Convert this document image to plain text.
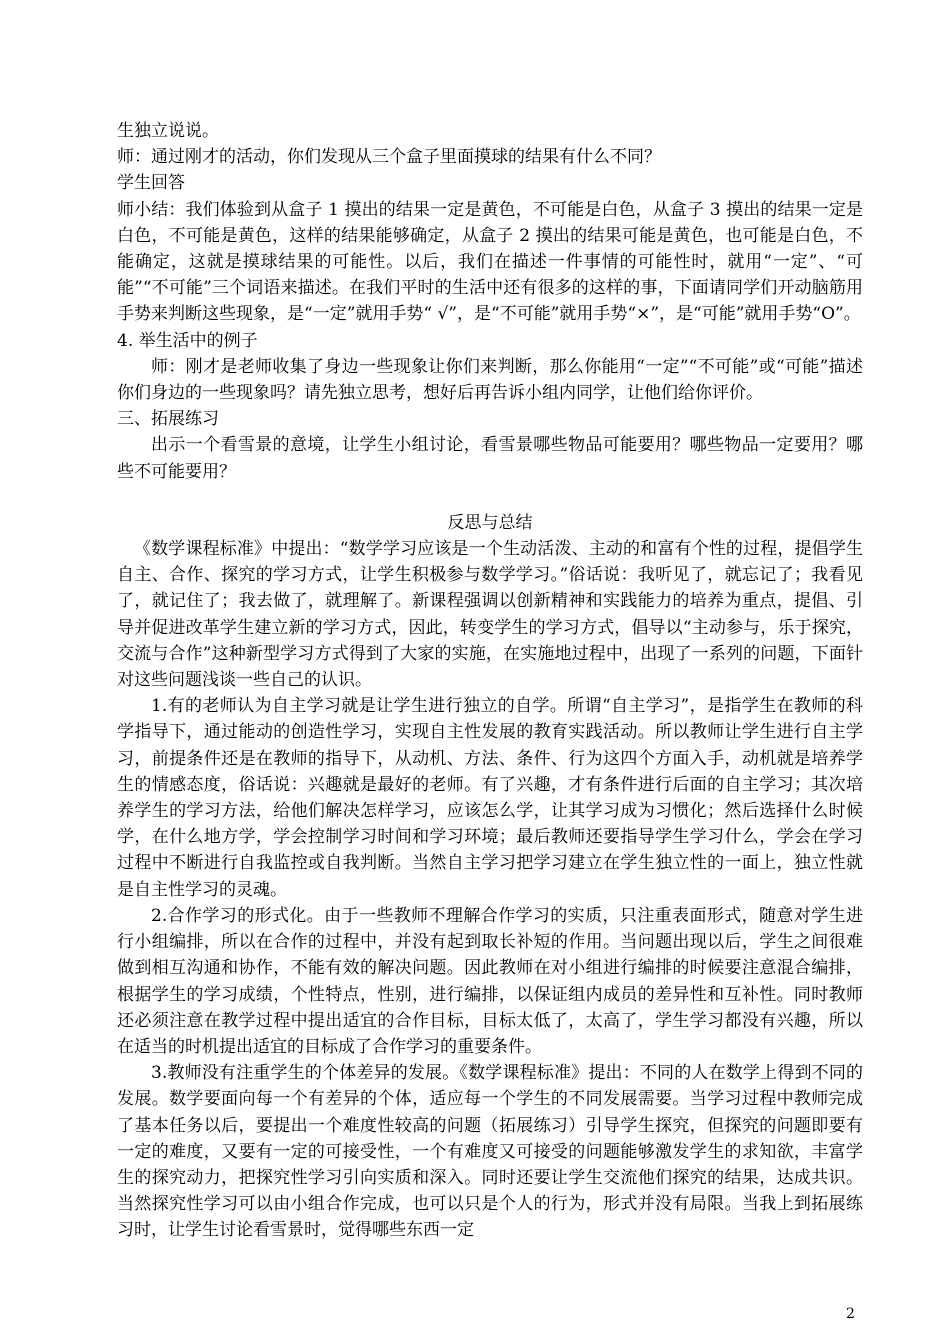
生独立说说。

师：通过刚才的活动，你们发现从三个盒子里面摸球的结果有什么不同？

学生回答

师小结：我们体验到从盒子 1 摸出的结果一定是黄色，不可能是白色，从盒子 3 摸出的结果一定是白色，不可能是黄色，这样的结果能够确定，从盒子 2 摸出的结果可能是黄色，也可能是白色，不能确定，这就是摸球结果的可能性。以后，我们在描述一件事情的可能性时，就用“一定”、“可能”“不可能”三个词语来描述。在我们平时的生活中还有很多的这样的事，下面请同学们开动脑筋用手势来判断这些现象，是“一定”就用手势“ √”，是“不可能”就用手势“×”，是“可能”就用手势“O”。

4. 举生活中的例子

师：刚才是老师收集了身边一些现象让你们来判断，那么你能用“一定”“不可能”或“可能”描述你们身边的一些现象吗？请先独立思考，想好后再告诉小组内同学，让他们给你评价。

三、拓展练习

出示一个看雪景的意境，让学生小组讨论，看雪景哪些物品可能要用？哪些物品一定要用？哪些不可能要用？

反思与总结

《数学课程标准》中提出：“数学学习应该是一个生动活泼、主动的和富有个性的过程，提倡学生自主、合作、探究的学习方式，让学生积极参与数学学习。”俗话说：我听见了，就忘记了；我看见了，就记住了；我去做了，就理解了。新课程强调以创新精神和实践能力的培养为重点，提倡、引导并促进改革学生建立新的学习方式，因此，转变学生的学习方式，倡导以“主动参与，乐于探究，交流与合作”这种新型学习方式得到了大家的实施，在实施地过程中，出现了一系列的问题，下面针对这些问题浅谈一些自己的认识。

1.有的老师认为自主学习就是让学生进行独立的自学。所谓“自主学习”，是指学生在教师的科学指导下，通过能动的创造性学习，实现自主性发展的教育实践活动。所以教师让学生进行自主学习，前提条件还是在教师的指导下，从动机、方法、条件、行为这四个方面入手，动机就是培养学生的情感态度，俗话说：兴趣就是最好的老师。有了兴趣，才有条件进行后面的自主学习；其次培养学生的学习方法，给他们解决怎样学习，应该怎么学，让其学习成为习惯化；然后选择什么时候学，在什么地方学，学会控制学习时间和学习环境；最后教师还要指导学生学习什么，学会在学习过程中不断进行自我监控或自我判断。当然自主学习把学习建立在学生独立性的一面上，独立性就是自主性学习的灵魂。

2.合作学习的形式化。由于一些教师不理解合作学习的实质，只注重表面形式，随意对学生进行小组编排，所以在合作的过程中，并没有起到取长补短的作用。当问题出现以后，学生之间很难做到相互沟通和协作，不能有效的解决问题。因此教师在对小组进行编排的时候要注意混合编排，根据学生的学习成绩，个性特点，性别，进行编排，以保证组内成员的差异性和互补性。同时教师还必须注意在教学过程中提出适宜的合作目标，目标太低了，太高了，学生学习都没有兴趣，所以在适当的时机提出适宜的目标成了合作学习的重要条件。

3.教师没有注重学生的个体差异的发展。《数学课程标准》提出：不同的人在数学上得到不同的发展。数学要面向每一个有差异的个体，适应每一个学生的不同发展需要。当学习过程中教师完成了基本任务以后，要提出一个难度性较高的问题（拓展练习）引导学生探究，但探究的问题即要有一定的难度，又要有一定的可接受性，一个有难度又可接受的问题能够激发学生的求知欲，丰富学生的探究动力，把探究性学习引向实质和深入。同时还要让学生交流他们探究的结果，达成共识。当然探究性学习可以由小组合作完成，也可以只是个人的行为，形式并没有局限。当我上到拓展练习时，让学生讨论看雪景时，觉得哪些东西一定

2
